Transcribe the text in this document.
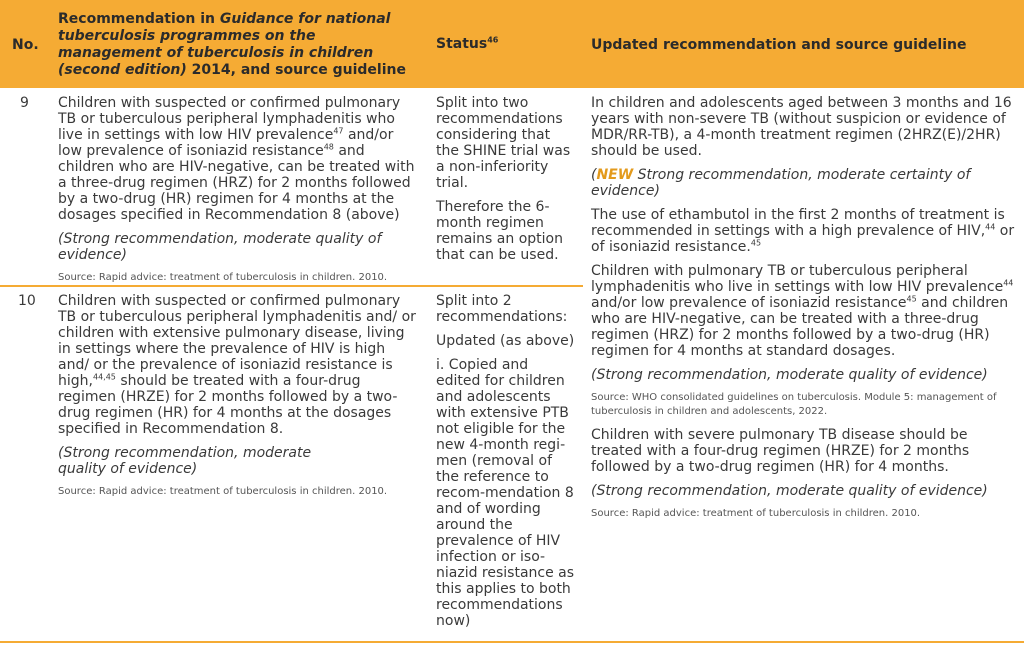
No.
Recommendation in Guidance for national tuberculosis programmes on the management of tuberculosis in children (second edition) 2014, and source guideline
Status$^{46}$	Updated recommendation and source guideline
9 Children with suspected or confirmed pulmonary TB or tuberculous peripheral lymphadenitis who live in settings with low HIV prevalence$^{47}$ and/or low prevalence of isoniazid resistance$^{48}$ and children who are HIV-negative, can be treated with a three-drug regimen (HRZ) for 2 months followed by a two-drug (HR) regimen for 4 months at the dosages specified in Recommendation 8 (above)

(Strong recommendation, moderate quality of evidence)

Source: Rapid advice: treatment of tuberculosis in children. 2010.

Split into two recommendations considering that the SHINE trial was a non-inferiority trial.

Therefore the 6-month regimen remains an option that can be used.

10 Children with suspected or confirmed pulmonary TB or tuberculous peripheral lymphadenitis and/ or children with extensive pulmonary disease, living in settings where the prevalence of HIV is high and/ or the prevalence of isoniazid resistance is high,$^{44,45}$ should be treated with a four-drug regimen (HRZE) for 2 months followed by a two-drug regimen (HR) for 4 months at the dosages specified in Recommendation 8.

(Strong recommendation, moderate quality of evidence)

Source: Rapid advice: treatment of tuberculosis in children. 2010.

Split into 2 recommendations:

Updated (as above)

i. Copied and edited for children and adolescents with extensive PTB not eligible for the new 4-month regi-men (removal of the reference to recom-mendation 8 and of wording around the prevalence of HIV infection or iso-niazid resistance as this applies to both recommendations now)

In children and adolescents aged between 3 months and 16 years with non-severe TB (without suspicion or evidence of MDR/RR-TB), a 4-month treatment regimen (2HRZ(E)/2HR) should be used.

(NEW Strong recommendation, moderate certainty of evidence)

The use of ethambutol in the first 2 months of treatment is recommended in settings with a high prevalence of HIV,$^{44}$ or of isoniazid resistance.$^{45}$

Children with pulmonary TB or tuberculous peripheral lymphadenitis who live in settings with low HIV prevalence$^{44}$ and/or low prevalence of isoniazid resistance$^{45}$ and children who are HIV-negative, can be treated with a three-drug regimen (HRZ) for 2 months followed by a two-drug (HR) regimen for 4 months at standard dosages.

(Strong recommendation, moderate quality of evidence)

Source: WHO consolidated guidelines on tuberculosis. Module 5: management of tuberculosis in children and adolescents, 2022.

Children with severe pulmonary TB disease should be treated with a four-drug regimen (HRZE) for 2 months followed by a two-drug regimen (HR) for 4 months.

(Strong recommendation, moderate quality of evidence)

Source: Rapid advice: treatment of tuberculosis in children. 2010.
